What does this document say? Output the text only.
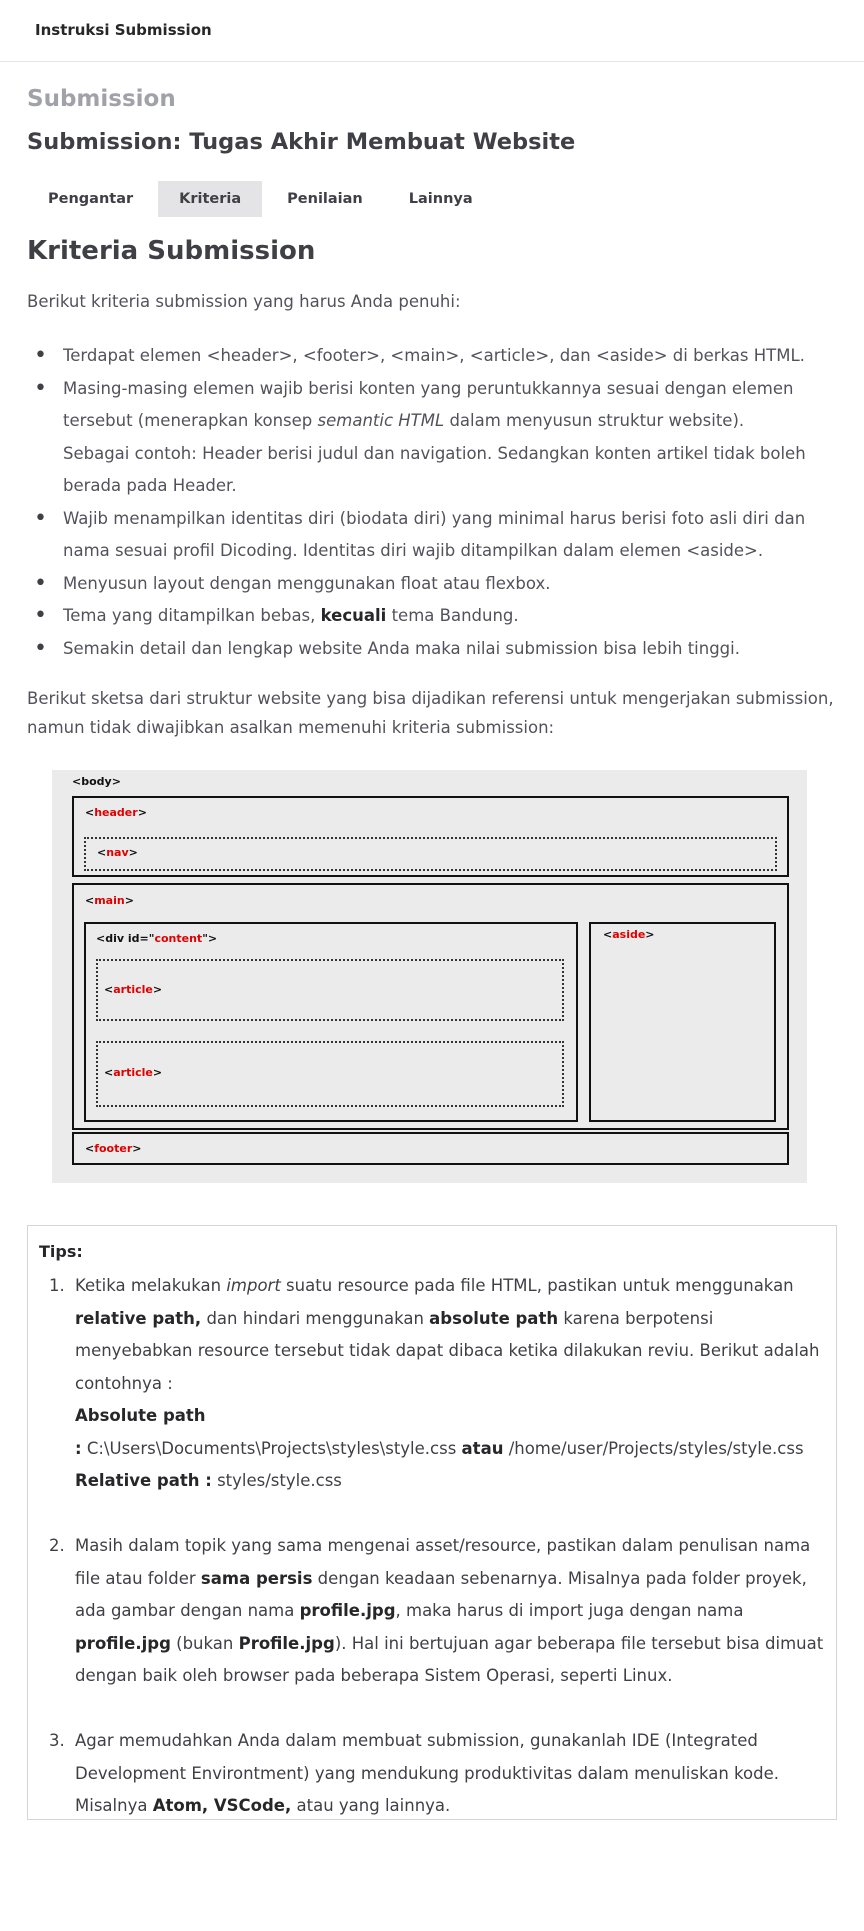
Instruksi Submission
Submission
Submission: Tugas Akhir Membuat Website
Pengantar	Kriteria	Penilaian	Lainnya
Kriteria Submission
Berikut kriteria submission yang harus Anda penuhi:
• Terdapat elemen <header>, <footer>, <main>, <article>, dan <aside> di berkas HTML.
• Masing-masing elemen wajib berisi konten yang peruntukkannya sesuai dengan elemen tersebut (menerapkan konsep semantic HTML dalam menyusun struktur website).
Sebagai contoh: Header berisi judul dan navigation. Sedangkan konten artikel tidak boleh berada pada Header.
• Wajib menampilkan identitas diri (biodata diri) yang minimal harus berisi foto asli diri dan nama sesuai profil Dicoding. Identitas diri wajib ditampilkan dalam elemen <aside>.
• Menyusun layout dengan menggunakan float atau flexbox.
• Tema yang ditampilkan bebas, kecuali tema Bandung.
• Semakin detail dan lengkap website Anda maka nilai submission bisa lebih tinggi.
Berikut sketsa dari struktur website yang bisa dijadikan referensi untuk mengerjakan submission, namun tidak diwajibkan asalkan memenuhi kriteria submission:
<body>
<header>
<nav>
<main>
<div id="content">
<article>
<article>
<aside>
<footer>
Tips:
1. Ketika melakukan import suatu resource pada file HTML, pastikan untuk menggunakan relative path, dan hindari menggunakan absolute path karena berpotensi menyebabkan resource tersebut tidak dapat dibaca ketika dilakukan reviu. Berikut adalah contohnya :
Absolute path
: C:\Users\Documents\Projects\styles\style.css atau /home/user/Projects/styles/style.css
Relative path : styles/style.css
2. Masih dalam topik yang sama mengenai asset/resource, pastikan dalam penulisan nama file atau folder sama persis dengan keadaan sebenarnya. Misalnya pada folder proyek, ada gambar dengan nama profile.jpg, maka harus di import juga dengan nama profile.jpg (bukan Profile.jpg). Hal ini bertujuan agar beberapa file tersebut bisa dimuat dengan baik oleh browser pada beberapa Sistem Operasi, seperti Linux.
3. Agar memudahkan Anda dalam membuat submission, gunakanlah IDE (Integrated Development Environtment) yang mendukung produktivitas dalam menuliskan kode. Misalnya Atom, VSCode, atau yang lainnya.
